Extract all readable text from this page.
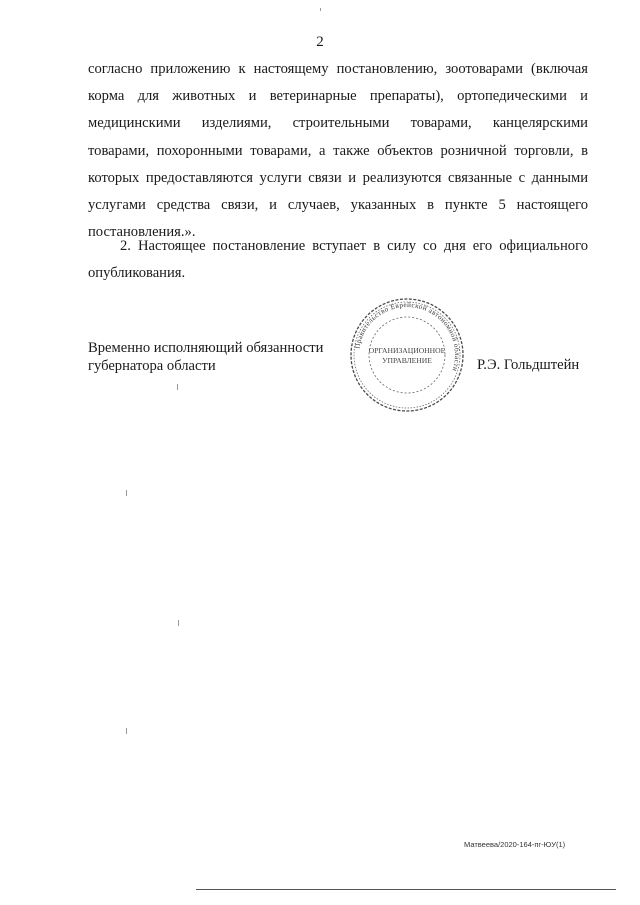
2
согласно приложению к настоящему постановлению, зоотоварами (включая
корма для животных и ветеринарные препараты), ортопедическими и
медицинскими изделиями, строительными товарами, канцелярскими
товарами, похоронными товарами, а также объектов розничной торговли, в
которых предоставляются услуги связи и реализуются связанные с данными
услугами средства связи, и случаев, указанных в пункте 5 настоящего
постановления.».
2. Настоящее постановление вступает в силу со дня его официального
опубликования.
Временно исполняющий обязанности
губернатора области
Правительство Еврейской автономной области
ОРГАНИЗАЦИОННОЕ
УПРАВЛЕНИЕ	Р.Э. Гольдштейн
Матвеева/2020-164-пг-ЮУ(1)
